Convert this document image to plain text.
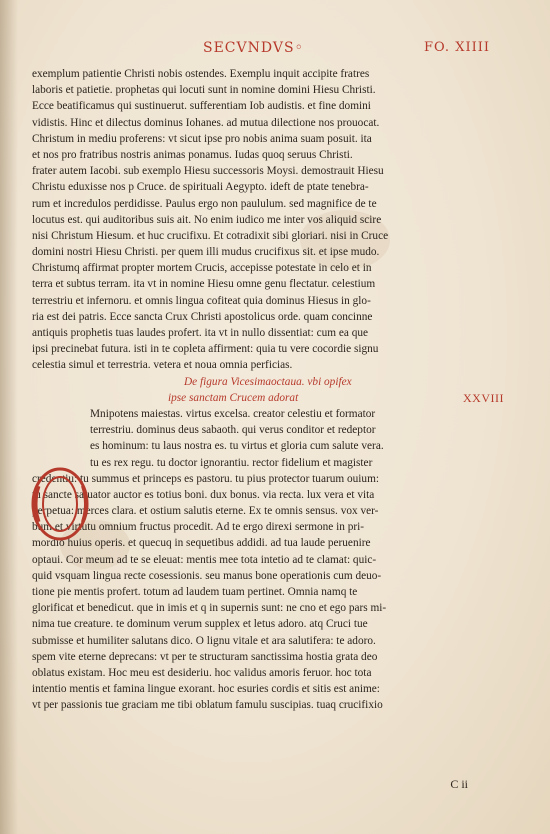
SECVNDVS◦	FO. XIIII
exemplum patientie Christi nobis ostendes. Exemplu inquit accipite fratres
laboris et patietie. prophetas qui locuti sunt in nomine domini Hiesu Christi.
Ecce beatificamus qui sustinuerut. sufferentiam Iob audistis. et fine domini
vidistis. Hinc et dilectus dominus Iohanes. ad mutua dilectione nos prouocat.
Christum in mediu proferens: vt sicut ipse pro nobis anima suam posuit. ita
et nos pro fratribus nostris animas ponamus. Iudas quoq seruus Christi.
frater autem Iacobi. sub exemplo Hiesu successoris Moysi. demostrauit Hiesu
Christu eduxisse nos p Cruce. de spirituali Aegypto. ideft de ptate tenebra-
rum et incredulos perdidisse. Paulus ergo non paululum. sed magnifice de te
locutus est. qui auditoribus suis ait. No enim iudico me inter vos aliquid scire
nisi Christum Hiesum. et huc crucifixu. Et cotradixit sibi gloriari. nisi in Cruce
domini nostri Hiesu Christi. per quem illi mudus crucifixus sit. et ipse mudo.
Christumq affirmat propter mortem Crucis, accepisse potestate in celo et in
terra et subtus terram. ita vt in nomine Hiesu omne genu flectatur. celestium
terrestriu et infernoru. et omnis lingua cofiteat quia dominus Hiesus in glo-
ria est dei patris. Ecce sancta Crux Christi apostolicus orde. quam concinne
antiquis prophetis tuas laudes profert. ita vt in nullo dissentiat: cum ea que
ipsi precinebat futura. isti in te copleta affirment: quia tu vere cocordie signu
celestia simul et terrestria. vetera et noua omnia perficias.
De figura Vicesimaoctaua. vbi opifex
ipse sanctam Crucem adorat	XXVIII
Mnipotens maiestas. virtus excelsa. creator celestiu et formator
terrestriu. dominus deus sabaoth. qui verus conditor et redeptor
es hominum: tu laus nostra es. tu virtus et gloria cum salute vera.
tu es rex regu. tu doctor ignorantiu. rector fidelium et magister
credentiu: tu summus et princeps es pastoru. tu pius protector tuarum ouium:
tu sancte saluator auctor es totius boni. dux bonus. via recta. lux vera et vita
perpetua: merces clara. et ostium salutis eterne. Ex te omnis sensus. vox ver-
bum et virtutu omnium fructus procedit. Ad te ergo direxi sermone in pri-
mordio huius operis. et quecuq in sequetibus addidi. ad tua laude peruenire
optaui. Cor meum ad te se eleuat: mentis mee tota intetio ad te clamat: quic-
quid vsquam lingua recte cosessionis. seu manus bone operationis cum deuo-
tione pie mentis profert. totum ad laudem tuam pertinet. Omnia namq te
glorificat et benedicut. que in imis et q in supernis sunt: ne cno et ego pars mi-
nima tue creature. te dominum verum supplex et letus adoro. atq Cruci tue
submisse et humiliter salutans dico. O lignu vitale et ara salutifera: te adoro.
spem vite eterne deprecans: vt per te structuram sanctissima hostia grata deo
oblatus existam. Hoc meu est desideriu. hoc validus amoris feruor. hoc tota
intentio mentis et famina lingue exorant. hoc esuries cordis et sitis est anime:
vt per passionis tue graciam me tibi oblatum famulu suscipias. tuaq crucifixio
C ii
